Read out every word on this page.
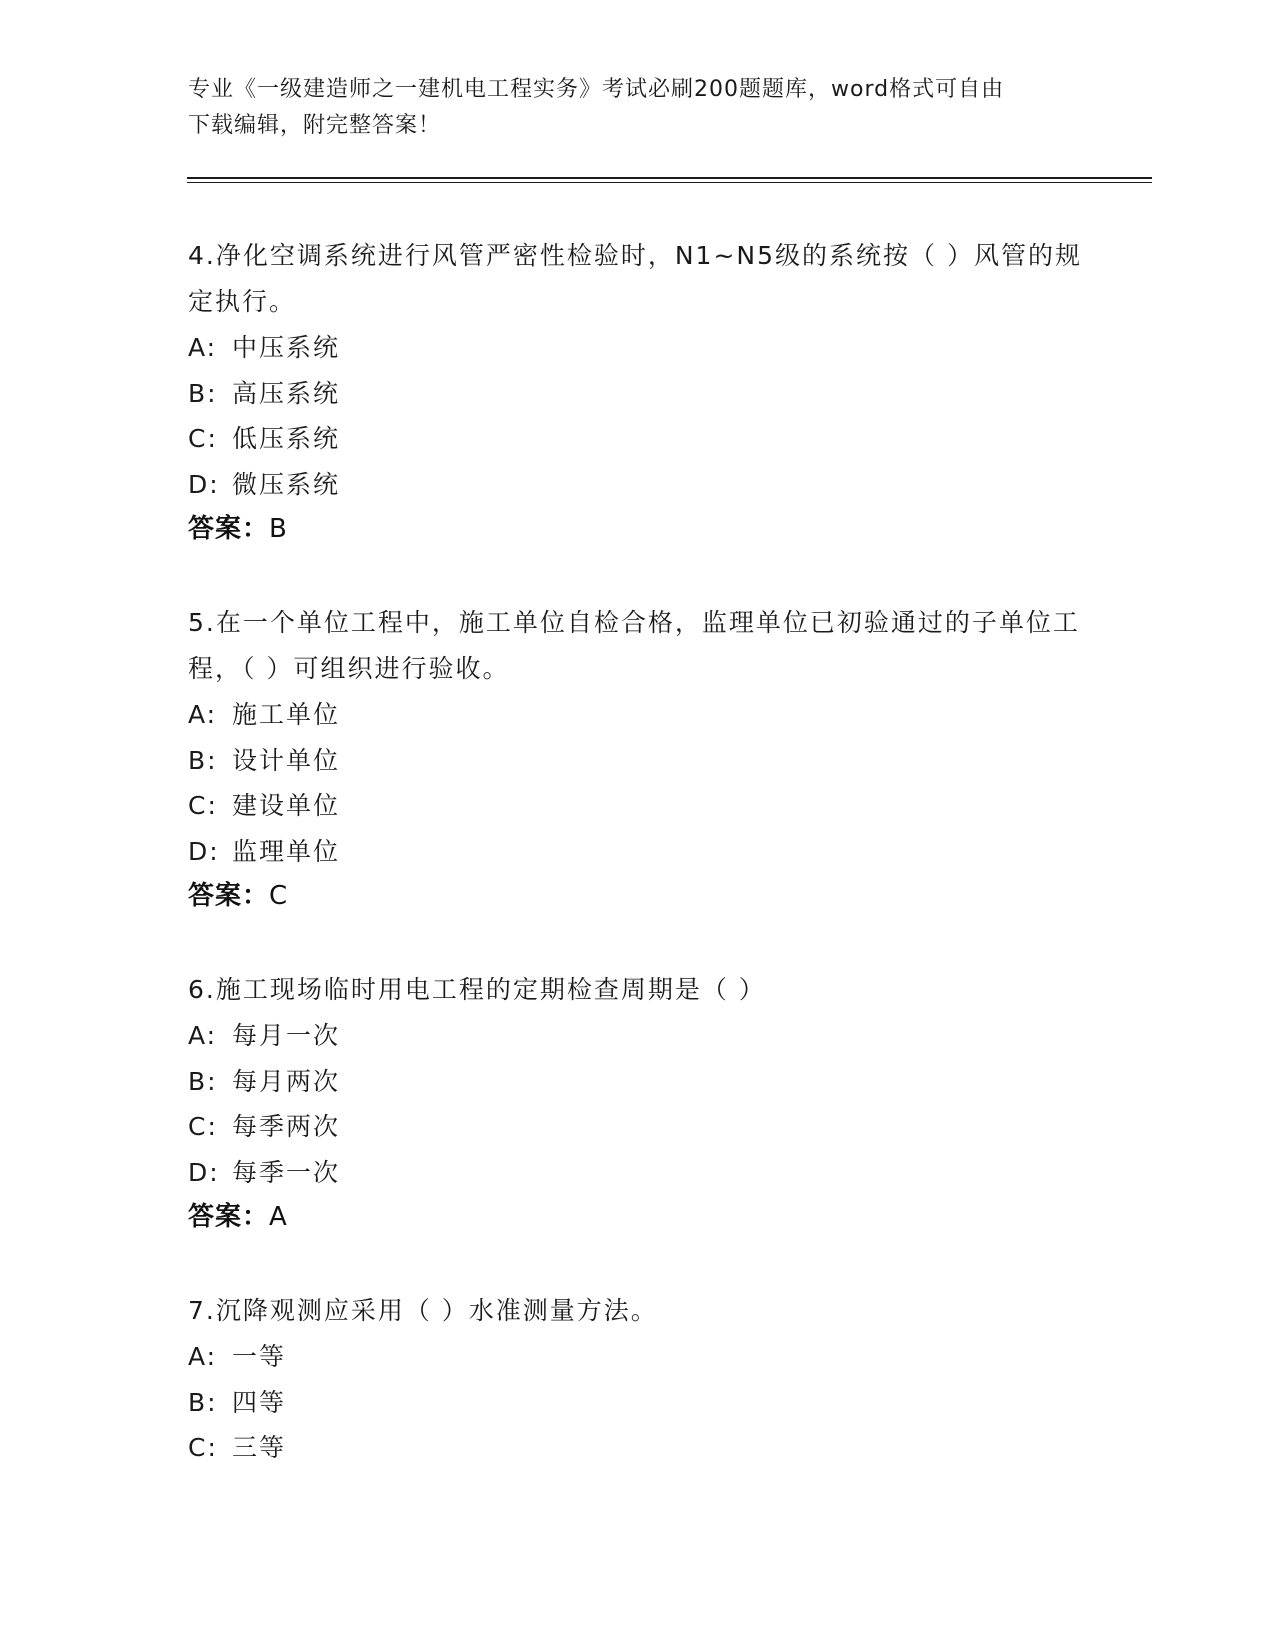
专业《一级建造师之一建机电工程实务》考试必刷200题题库，word格式可自由
下载编辑，附完整答案！
4.净化空调系统进行风管严密性检验时，N1~N5级的系统按（ ）风管的规定执行。
A: 中压系统
B: 高压系统
C: 低压系统
D: 微压系统
答案：B
5.在一个单位工程中，施工单位自检合格，监理单位已初验通过的子单位工程，（ ）可组织进行验收。
A: 施工单位
B: 设计单位
C: 建设单位
D: 监理单位
答案：C
6.施工现场临时用电工程的定期检查周期是（ ）
A: 每月一次
B: 每月两次
C: 每季两次
D: 每季一次
答案：A
7.沉降观测应采用（ ）水准测量方法。
A: 一等
B: 四等
C: 三等
